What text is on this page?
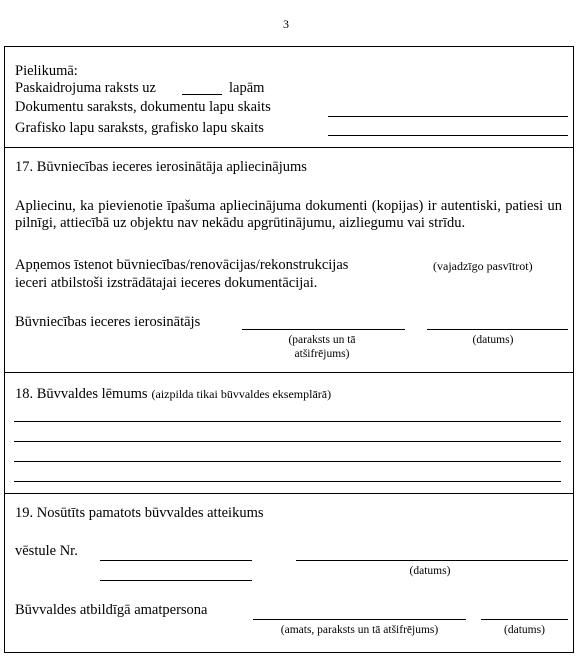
3
Pielikumā:
Paskaidrojuma raksts uz	lapām
Dokumentu saraksts, dokumentu lapu skaits
Grafisko lapu saraksts, grafisko lapu skaits
17. Būvniecības ieceres ierosinātāja apliecinājums
Apliecinu, ka pievienotie īpašuma apliecinājuma dokumenti (kopijas) ir autentiski, patiesi un pilnīgi, attiecībā uz objektu nav nekādu apgrūtinājumu, aizliegumu vai strīdu.
Apņemos īstenot būvniecības/renovācijas/rekonstrukcijas	(vajadzīgo pasvītrot)
ieceri atbilstoši izstrādātajai ieceres dokumentācijai.
Būvniecības ieceres ierosinātājs
(paraksts un tā
atšifrējums)
(datums)
18. Būvvaldes lēmums (aizpilda tikai būvvaldes eksemplārā)
19. Nosūtīts pamatots būvvaldes atteikums
vēstule Nr.
(datums)
Būvvaldes atbildīgā amatpersona
(amats, paraksts un tā atšifrējums)	(datums)
